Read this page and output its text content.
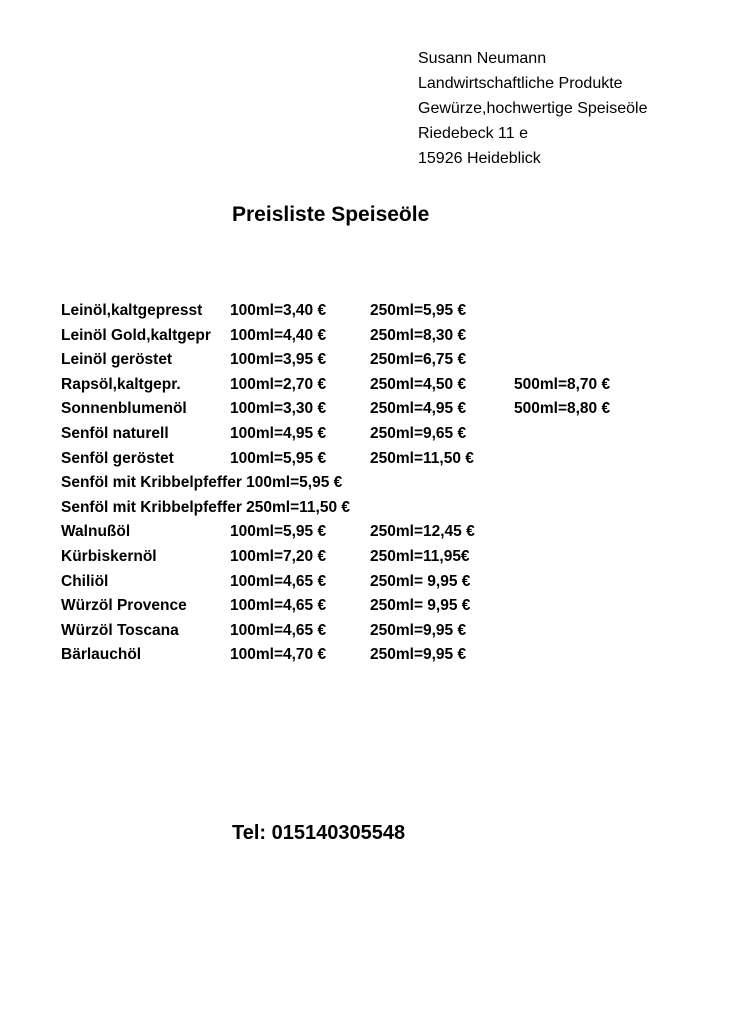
Susann Neumann
Landwirtschaftliche Produkte
Gewürze,hochwertige Speiseöle
Riedebeck 11 e
15926 Heideblick
Preisliste Speiseöle
Leinöl,kaltgepresst 100ml=3,40 €	250ml=5,95 €
Leinöl Gold,kaltgepr 100ml=4,40 €	250ml=8,30 €
Leinöl geröstet	100ml=3,95 €	250ml=6,75 €
Rapsöl,kaltgepr.	100ml=2,70 €	250ml=4,50 €	500ml=8,70 €
Sonnenblumenöl	100ml=3,30 €	250ml=4,95 €	500ml=8,80 €
Senföl naturell	100ml=4,95 €	250ml=9,65 €
Senföl geröstet	100ml=5,95 €	250ml=11,50 €
Senföl mit Kribbelpfeffer 100ml=5,95 €
Senföl mit Kribbelpfeffer 250ml=11,50 €
Walnußöl	100ml=5,95 €	250ml=12,45 €
Kürbiskernöl	100ml=7,20 €	250ml=11,95€
Chiliöl	100ml=4,65 €	250ml= 9,95 €
Würzöl Provence	100ml=4,65 €	250ml= 9,95 €
Würzöl Toscana	100ml=4,65 €	250ml=9,95 €
Bärlauchöl	100ml=4,70 €	250ml=9,95 €
Tel: 015140305548
